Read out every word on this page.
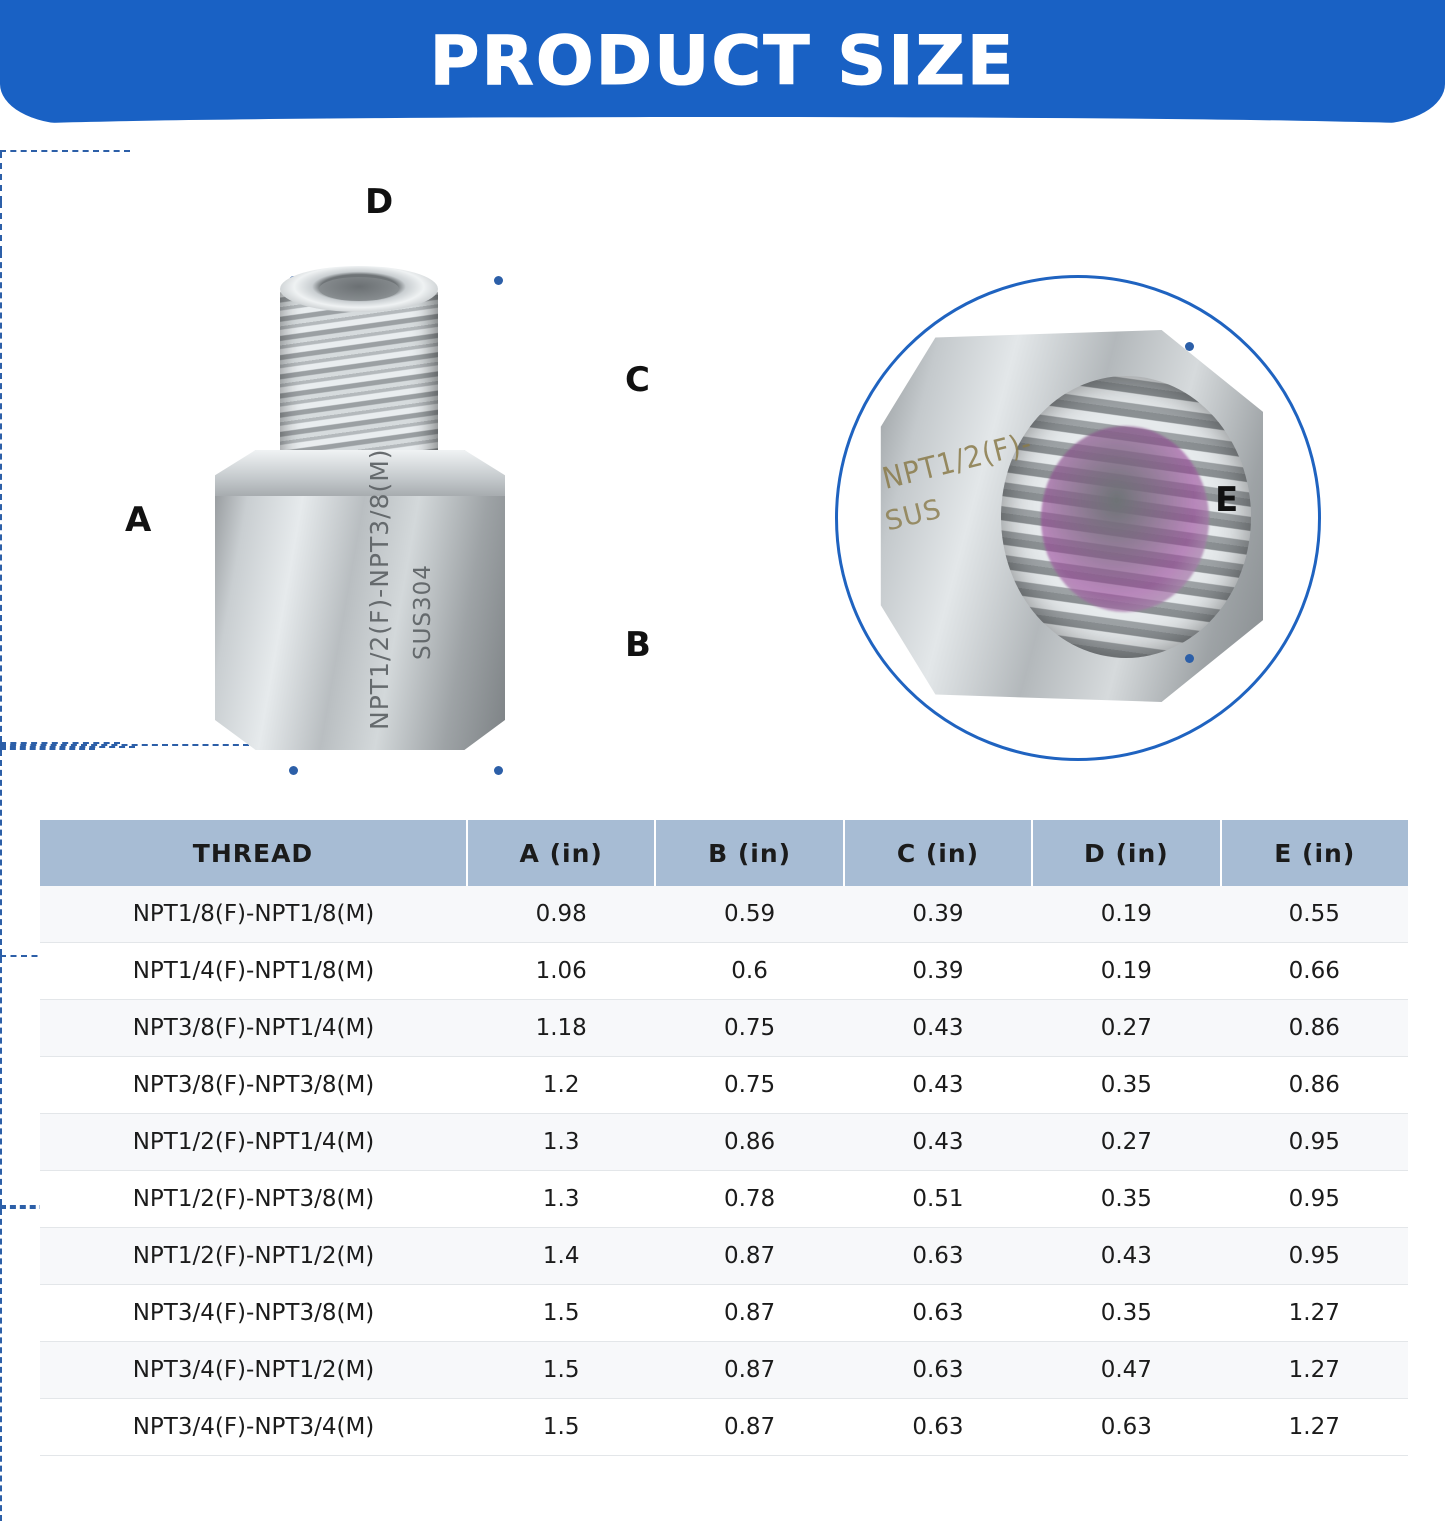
PRODUCT SIZE
D
A
C
B
NPT1/2(F)-NPT3/8(M) SUS304
NPT1/2(F)-
SUS	E
THREAD	A (in)	B (in)	C (in)	D (in)	E (in)
NPT1/8(F)-NPT1/8(M)	0.98	0.59	0.39	0.19	0.55
NPT1/4(F)-NPT1/8(M)	1.06	0.6	0.39	0.19	0.66
NPT3/8(F)-NPT1/4(M)	1.18	0.75	0.43	0.27	0.86
NPT3/8(F)-NPT3/8(M)	1.2	0.75	0.43	0.35	0.86
NPT1/2(F)-NPT1/4(M)	1.3	0.86	0.43	0.27	0.95
NPT1/2(F)-NPT3/8(M)	1.3	0.78	0.51	0.35	0.95
NPT1/2(F)-NPT1/2(M)	1.4	0.87	0.63	0.43	0.95
NPT3/4(F)-NPT3/8(M)	1.5	0.87	0.63	0.35	1.27
NPT3/4(F)-NPT1/2(M)	1.5	0.87	0.63	0.47	1.27
NPT3/4(F)-NPT3/4(M)	1.5	0.87	0.63	0.63	1.27
